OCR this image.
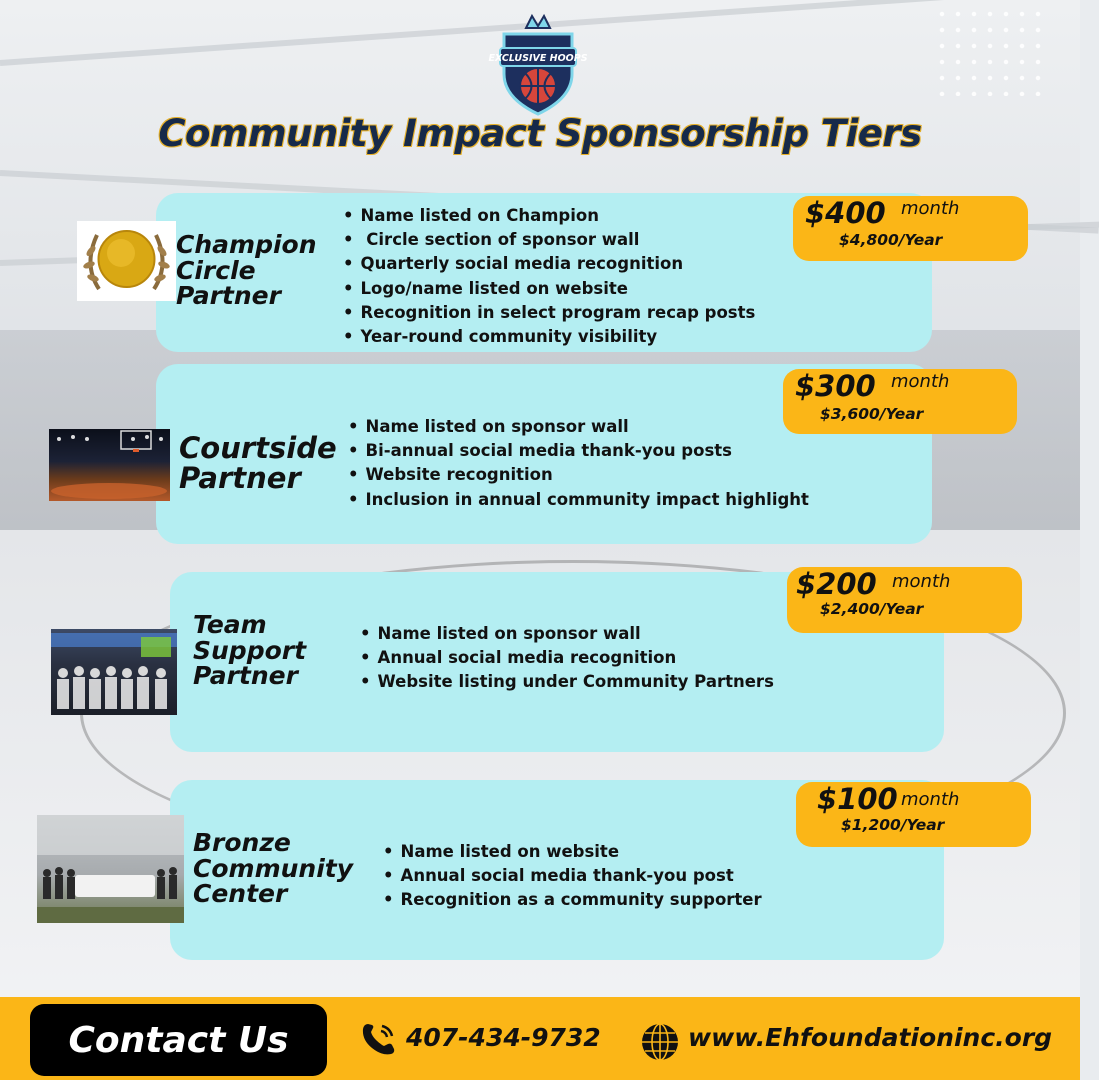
EXCLUSIVE HOOPS
Community Impact Sponsorship Tiers
Champion
Circle
Partner
• Name listed on Champion
• Circle section of sponsor wall
• Quarterly social media recognition
• Logo/name listed on website
• Recognition in select program recap posts
• Year-round community visibility
$400 month
$4,800/Year
Courtside
Partner
• Name listed on sponsor wall
• Bi-annual social media thank-you posts
• Website recognition
• Inclusion in annual community impact highlight
$300 month
$3,600/Year
Team
Support
Partner
• Name listed on sponsor wall
• Annual social media recognition
• Website listing under Community Partners
$200 month
$2,400/Year
Bronze
Community
Center
• Name listed on website
• Annual social media thank-you post
• Recognition as a community supporter
$100 month
$1,200/Year
Contact Us	407-434-9732	www.Ehfoundationinc.org
